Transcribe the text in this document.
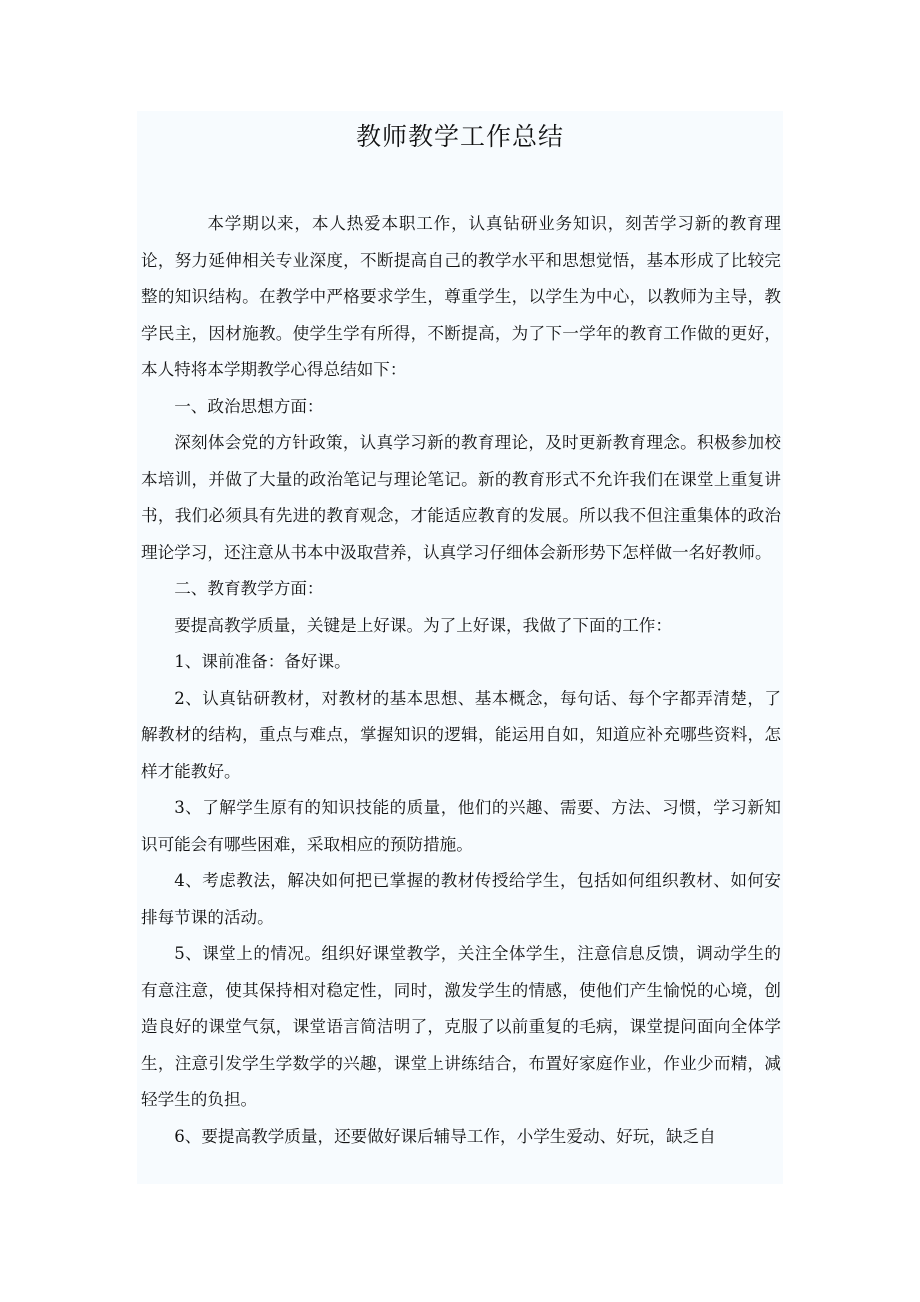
教师教学工作总结

本学期以来，本人热爱本职工作，认真钻研业务知识，刻苦学习新的教育理论，努力延伸相关专业深度，不断提高自己的教学水平和思想觉悟，基本形成了比较完整的知识结构。在教学中严格要求学生，尊重学生，以学生为中心，以教师为主导，教学民主，因材施教。使学生学有所得，不断提高，为了下一学年的教育工作做的更好，本人特将本学期教学心得总结如下：

一、政治思想方面：

深刻体会党的方针政策，认真学习新的教育理论，及时更新教育理念。积极参加校本培训，并做了大量的政治笔记与理论笔记。新的教育形式不允许我们在课堂上重复讲书，我们必须具有先进的教育观念，才能适应教育的发展。所以我不但注重集体的政治理论学习，还注意从书本中汲取营养，认真学习仔细体会新形势下怎样做一名好教师。

二、教育教学方面：

要提高教学质量，关键是上好课。为了上好课，我做了下面的工作：

1、课前准备：备好课。

2、认真钻研教材，对教材的基本思想、基本概念，每句话、每个字都弄清楚，了解教材的结构，重点与难点，掌握知识的逻辑，能运用自如，知道应补充哪些资料，怎样才能教好。

3、了解学生原有的知识技能的质量，他们的兴趣、需要、方法、习惯，学习新知识可能会有哪些困难，采取相应的预防措施。

4、考虑教法，解决如何把已掌握的教材传授给学生，包括如何组织教材、如何安排每节课的活动。

5、课堂上的情况。组织好课堂教学，关注全体学生，注意信息反馈，调动学生的有意注意，使其保持相对稳定性，同时，激发学生的情感，使他们产生愉悦的心境，创造良好的课堂气氛，课堂语言简洁明了，克服了以前重复的毛病，课堂提问面向全体学生，注意引发学生学数学的兴趣，课堂上讲练结合，布置好家庭作业，作业少而精，减轻学生的负担。

6、要提高教学质量，还要做好课后辅导工作，小学生爱动、好玩，缺乏自
